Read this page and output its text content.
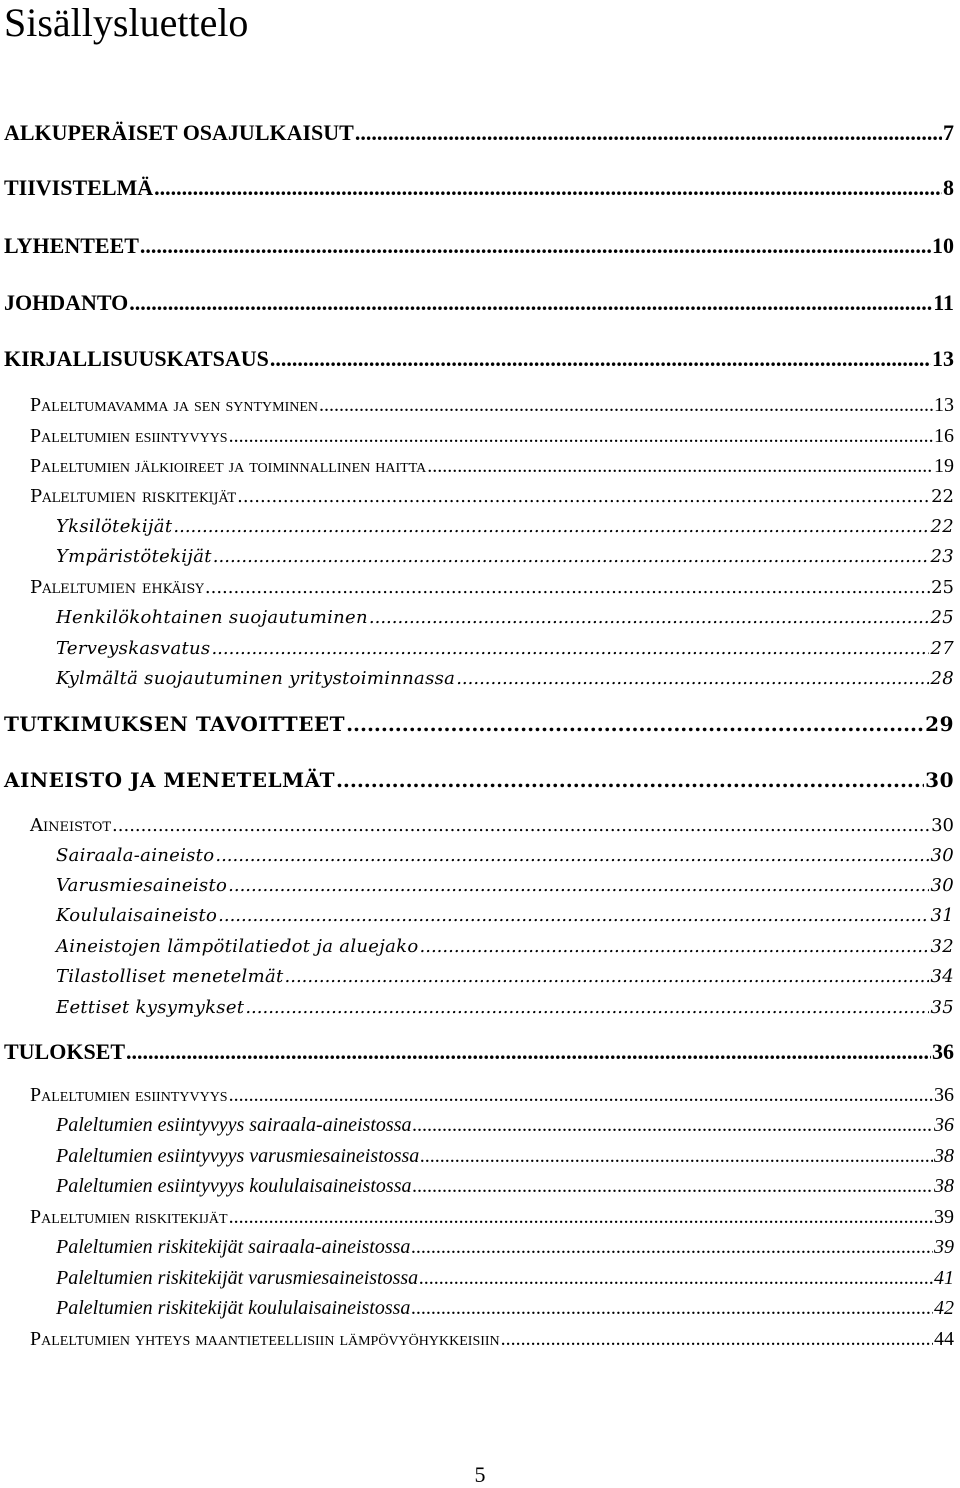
Sisällysluettelo
ALKUPERÄISET OSAJULKAISUT .....	7
TIIVISTELMÄ .....	8
LYHENTEET .....	10
JOHDANTO .....	11
KIRJALLISUUSKATSAUS .....	13
Paleltumavamma ja sen syntyminen .....	13
Paleltumien esiintyvyys .....	16
Paleltumien jälkioireet ja toiminnallinen haitta .....	19
Paleltumien riskitekijät .....	22
Yksilötekijät .....	22
Ympäristötekijät .....	23
Paleltumien ehkäisy .....	25
Henkilökohtainen suojautuminen .....	25
Terveyskasvatus .....	27
Kylmältä suojautuminen yritystoiminnassa .....	28
TUTKIMUKSEN TAVOITTEET .....	29
AINEISTO JA MENETELMÄT .....	30
Aineistot .....	30
Sairaala-aineisto .....	30
Varusmiesaineisto .....	30
Koululaisaineisto .....	31
Aineistojen lämpötilatiedot ja aluejako .....	32
Tilastolliset menetelmät .....	34
Eettiset kysymykset .....	35
TULOKSET .....	36
Paleltumien esiintyvyys .....	36
Paleltumien esiintyvyys sairaala-aineistossa .....	36
Paleltumien esiintyvyys varusmiesaineistossa .....	38
Paleltumien esiintyvyys koululaisaineistossa .....	38
Paleltumien riskitekijät .....	39
Paleltumien riskitekijät sairaala-aineistossa .....	39
Paleltumien riskitekijät varusmiesaineistossa .....	41
Paleltumien riskitekijät koululaisaineistossa .....	42
Paleltumien yhteys maantieteellisiin lämpövyöhykkeisiin .....	44
5
